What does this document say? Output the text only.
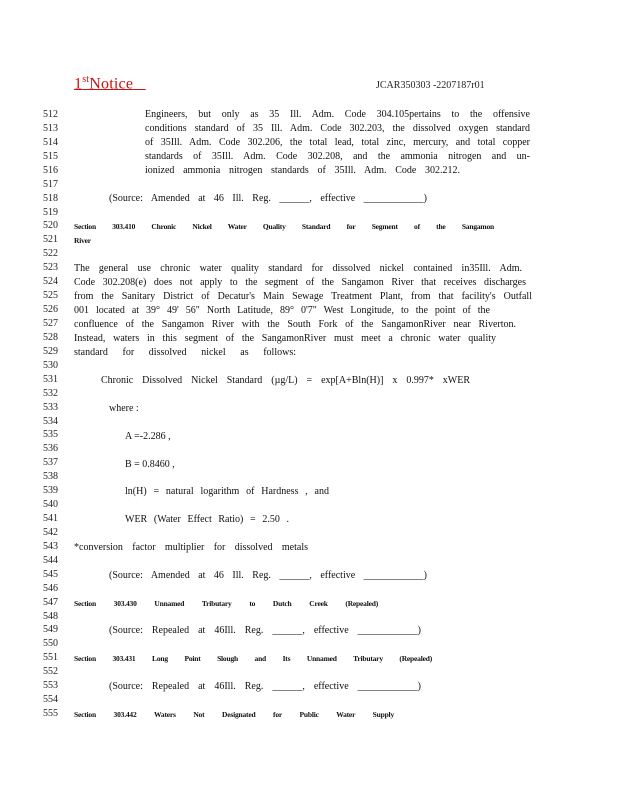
1stNotice	JCAR350303 -2207187r01
512
513
514
515
516
517
518
519
520
521
522
523
524
525
526
527
528
529
530
531
532
533
534
535
536
537
538
539
540
541
542
543
544
545
546
547
548
549
550
551
552
553
554
555
Engineers, but only as 35 Ill. Adm. Code 304.105pertains to the offensive
conditions standard of 35 Ill. Adm. Code 302.203, the dissolved oxygen standard
of 35Ill. Adm. Code 302.206, the total lead, total zinc, mercury, and total copper
standards of 35Ill. Adm. Code 302.208, and the ammonia nitrogen and un-
ionized ammonia nitrogen standards of 35Ill. Adm. Code 302.212.
(Source: Amended at 46 Ill. Reg. ______, effective ____________)
Section 303.410 Chronic Nickel Water Quality Standard for Segment of the Sangamon
River
The general use chronic water quality standard for dissolved nickel contained in35Ill. Adm.
Code 302.208(e) does not apply to the segment of the Sangamon River that receives discharges
from the Sanitary District of Decatur's Main Sewage Treatment Plant, from that facility's Outfall
001 located at 39° 49' 56" North Latitude, 89° 0'7" West Longitude, to the point of the
confluence of the Sangamon River with the South Fork of the SangamonRiver near Riverton.
Instead, waters in this segment of the SangamonRiver must meet a chronic water quality
standard for dissolved nickel as follows:
Chronic Dissolved Nickel Standard (µg/L) = exp[A+Bln(H)] x 0.997* xWER
where :
A =-2.286 ,
B = 0.8460 ,
ln(H) = natural logarithm of Hardness , and
WER (Water Effect Ratio) = 2.50 .
*conversion factor multiplier for dissolved metals
(Source: Amended at 46 Ill. Reg. ______, effective ____________)
Section 303.430 Unnamed Tributary to Dutch Creek (Repealed)
(Source: Repealed at 46Ill. Reg. ______, effective ____________)
Section 303.431 Long Point Slough and Its Unnamed Tributary (Repealed)
(Source: Repealed at 46Ill. Reg. ______, effective ____________)
Section 303.442 Waters Not Designated for Public Water Supply
